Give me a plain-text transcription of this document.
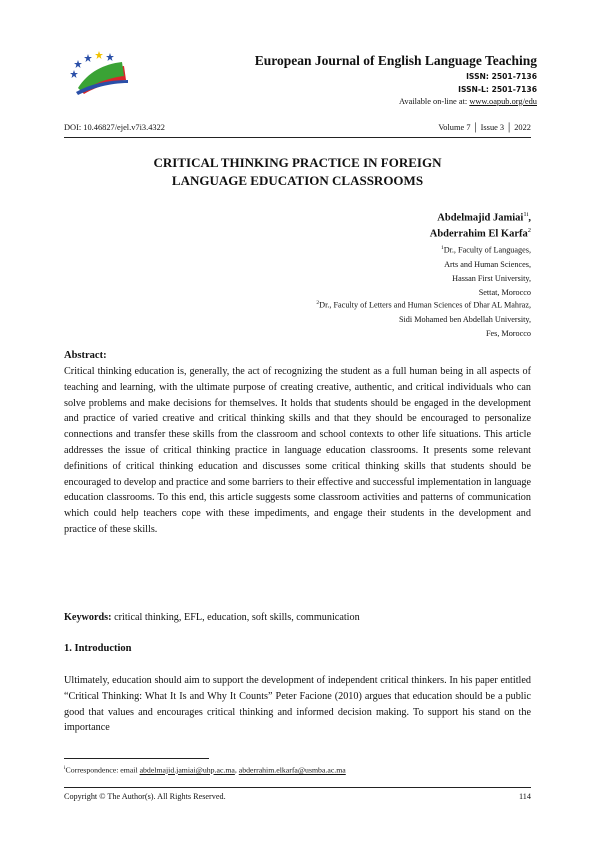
European Journal of English Language Teaching
ISSN: 2501-7136
ISSN-L: 2501-7136
Available on-line at: www.oapub.org/edu
DOI: 10.46827/ejel.v7i3.4322	Volume 7 │ Issue 3 │ 2022
CRITICAL THINKING PRACTICE IN FOREIGN
LANGUAGE EDUCATION CLASSROOMS
Abdelmajid Jamiai$^{1i}$,
Abderrahim El Karfa$^2$
$^1$Dr., Faculty of Languages,
Arts and Human Sciences,
Hassan First University,
Settat, Morocco
$^2$Dr., Faculty of Letters and Human Sciences of Dhar AL Mahraz,
Sidi Mohamed ben Abdellah University,
Fes, Morocco
Abstract:
Critical thinking education is, generally, the act of recognizing the student as a full human being in all aspects of teaching and learning, with the ultimate purpose of creating creative, authentic, and critical individuals who can solve problems and make decisions for themselves. It holds that students should be engaged in the development and practice of varied creative and critical thinking skills and that they should be encouraged to personalize connections and transfer these skills from the classroom and school contexts to other life situations. This article addresses the issue of critical thinking practice in language education classrooms. It presents some relevant definitions of critical thinking education and discusses some critical thinking skills that students should be encouraged to develop and practice and some barriers to their effective and successful implementation in language education classrooms. To this end, this article suggests some classroom activities and patterns of communication which could help teachers cope with these impediments, and engage their students in the development and practice of these skills.
Keywords: critical thinking, EFL, education, soft skills, communication
1. Introduction
Ultimately, education should aim to support the development of independent critical thinkers. In his paper entitled “Critical Thinking: What It Is and Why It Counts” Peter Facione (2010) argues that education should be a public good that values and encourages critical thinking and informed decision making. To support his stand on the importance
$^i$Correspondence: email abdelmajid.jamiai@uhp.ac.ma, abderrahim.elkarfa@usmba.ac.ma
Copyright © The Author(s). All Rights Reserved.	114
